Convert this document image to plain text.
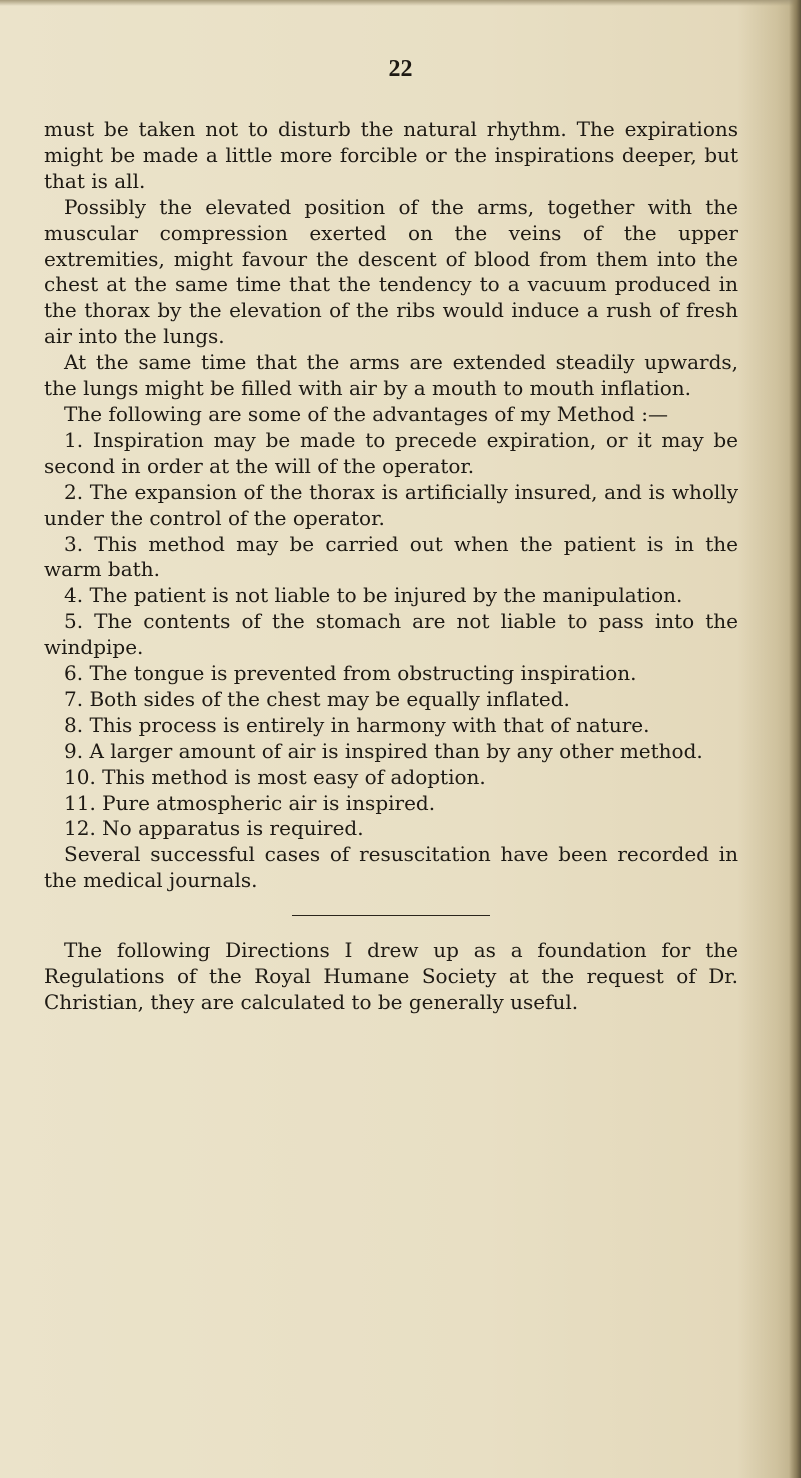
22

must be taken not to disturb the natural rhythm. The expirations might be made a little more forcible or the inspirations deeper, but that is all.

Possibly the elevated position of the arms, together with the muscular compression exerted on the veins of the upper extremities, might favour the descent of blood from them into the chest at the same time that the tendency to a vacuum produced in the thorax by the elevation of the ribs would induce a rush of fresh air into the lungs.

At the same time that the arms are extended steadily upwards, the lungs might be filled with air by a mouth to mouth inflation.

The following are some of the advantages of my Method :—

1. Inspiration may be made to precede expiration, or it may be second in order at the will of the operator.

2. The expansion of the thorax is artificially insured, and is wholly under the control of the operator.

3. This method may be carried out when the patient is in the warm bath.

4. The patient is not liable to be injured by the manipulation.

5. The contents of the stomach are not liable to pass into the windpipe.

6. The tongue is prevented from obstructing inspiration.

7. Both sides of the chest may be equally inflated.

8. This process is entirely in harmony with that of nature.

9. A larger amount of air is inspired than by any other method.

10. This method is most easy of adoption.

11. Pure atmospheric air is inspired.

12. No apparatus is required.

Several successful cases of resuscitation have been recorded in the medical journals.

The following Directions I drew up as a foundation for the Regulations of the Royal Humane Society at the request of Dr. Christian, they are calculated to be generally useful.
